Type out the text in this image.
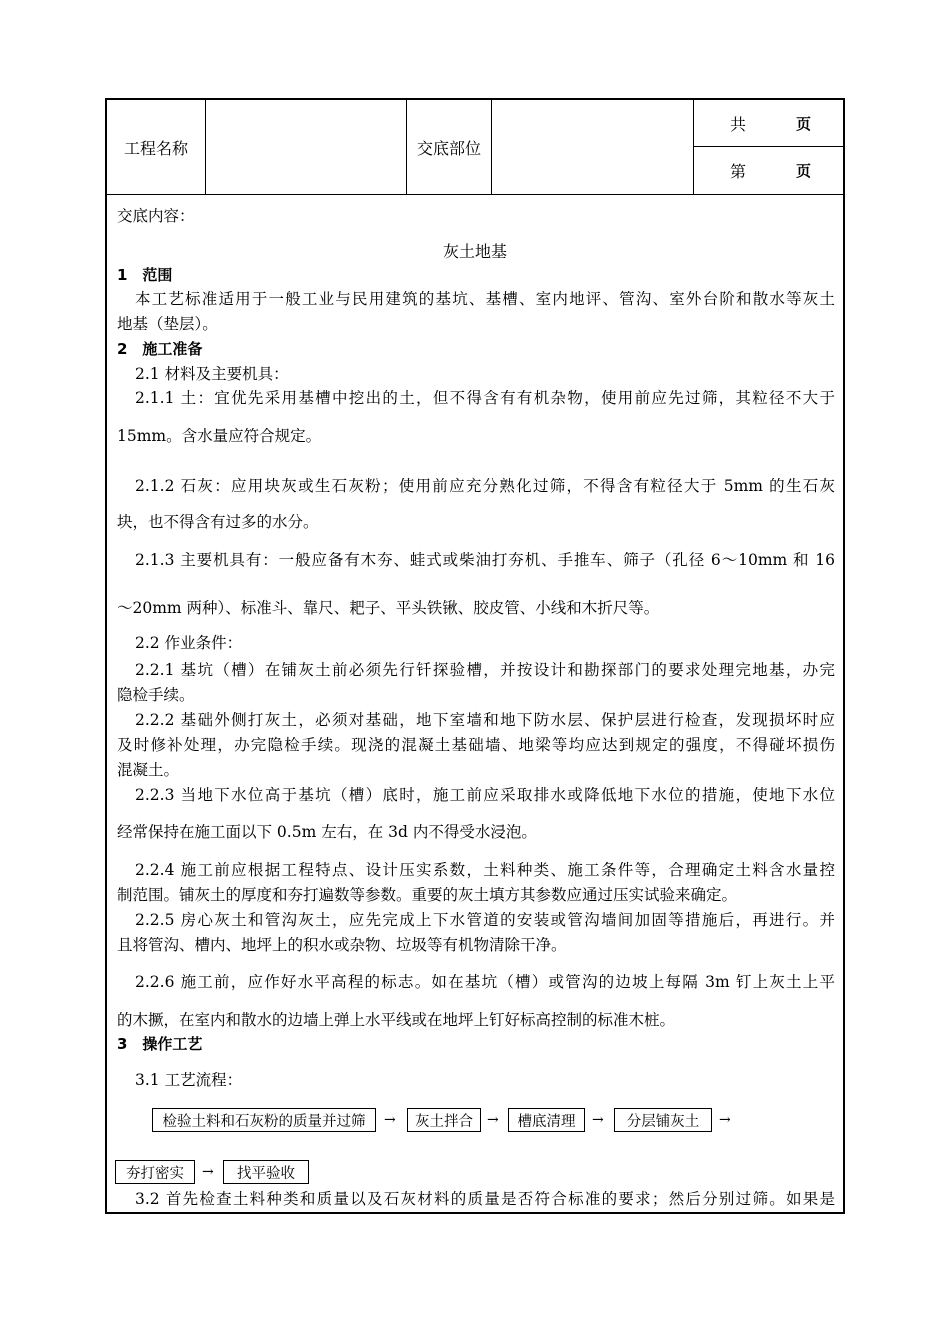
工程名称	交底部位
共	页
第	页
交底内容：
灰土地基
1　范围
本工艺标准适用于一般工业与民用建筑的基坑、基槽、室内地评、管沟、室外台阶和散水等灰土
地基（垫层）。
2　施工准备
2.1 材料及主要机具：
2.1.1 土：宜优先采用基槽中挖出的土，但不得含有有机杂物，使用前应先过筛，其粒径不大于
15mm。含水量应符合规定。
2.1.2 石灰：应用块灰或生石灰粉；使用前应充分熟化过筛，不得含有粒径大于 5mm 的生石灰
块，也不得含有过多的水分。
2.1.3 主要机具有：一般应备有木夯、蛙式或柴油打夯机、手推车、筛子（孔径 6～10mm 和 16
～20mm 两种）、标准斗、靠尺、耙子、平头铁锹、胶皮管、小线和木折尺等。
2.2 作业条件：
2.2.1 基坑（槽）在铺灰土前必须先行钎探验槽，并按设计和勘探部门的要求处理完地基，办完
隐检手续。
2.2.2 基础外侧打灰土，必须对基础，地下室墙和地下防水层、保护层进行检查，发现损坏时应
及时修补处理，办完隐检手续。现浇的混凝土基础墙、地梁等均应达到规定的强度，不得碰坏损伤
混凝土。
2.2.3 当地下水位高于基坑（槽）底时，施工前应采取排水或降低地下水位的措施，使地下水位
经常保持在施工面以下 0.5m 左右，在 3d 内不得受水浸泡。
2.2.4 施工前应根据工程特点、设计压实系数，土料种类、施工条件等，合理确定土料含水量控
制范围。铺灰土的厚度和夯打遍数等参数。重要的灰土填方其参数应通过压实试验来确定。
2.2.5 房心灰土和管沟灰土，应先完成上下水管道的安装或管沟墙间加固等措施后，再进行。并
且将管沟、槽内、地坪上的积水或杂物、垃圾等有机物清除干净。
2.2.6 施工前，应作好水平高程的标志。如在基坑（槽）或管沟的边坡上每隔 3m 钉上灰土上平
的木撅，在室内和散水的边墙上弹上水平线或在地坪上钉好标高控制的标准木桩。
3　操作工艺
3.1 工艺流程：
检验土料和石灰粉的质量并过筛	→	灰土拌合	→	槽底清理	→	分层铺灰土	→
夯打密实	→	找平验收
3.2 首先检查土料种类和质量以及石灰材料的质量是否符合标准的要求；然后分别过筛。如果是
